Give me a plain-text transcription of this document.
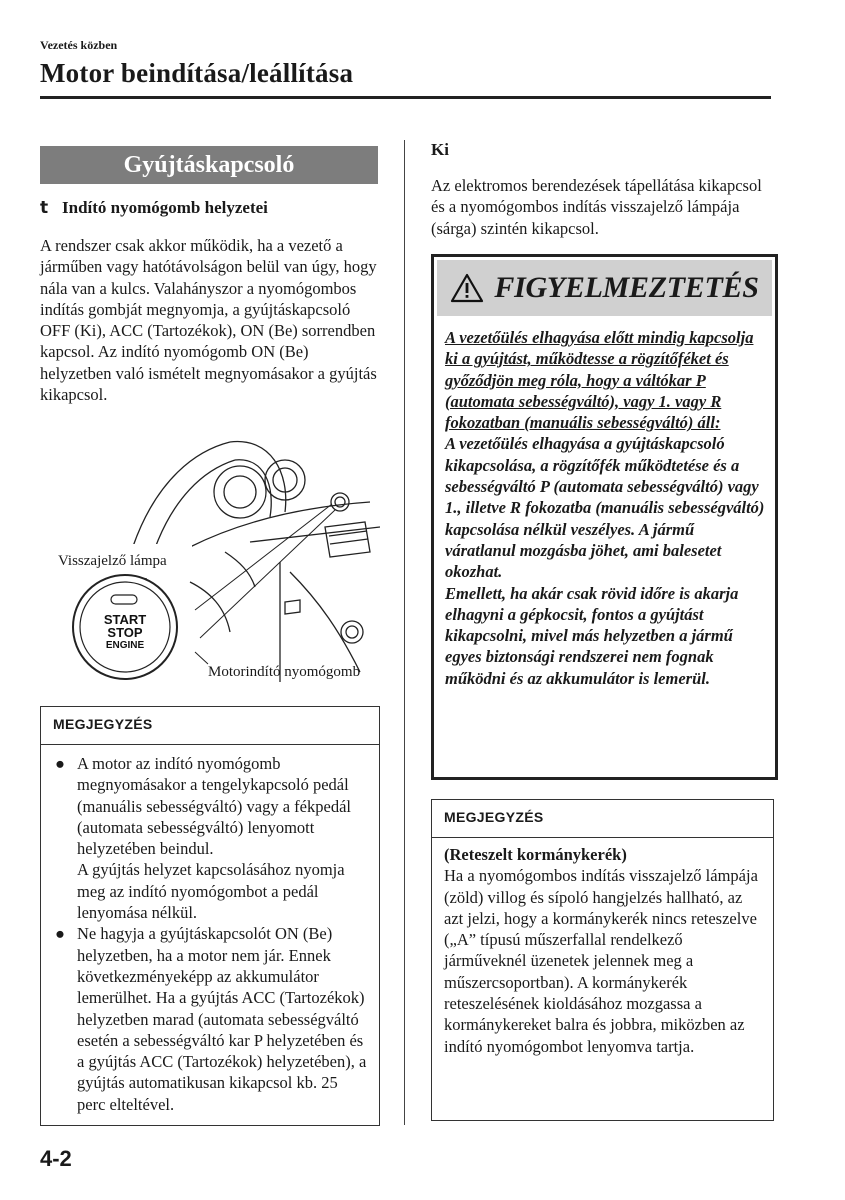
Vezetés közben
Motor beindítása/leállítása
Gyújtáskapcsoló
t Indító nyomógomb helyzetei
A rendszer csak akkor működik, ha a vezető a járműben vagy hatótávolságon belül van úgy, hogy nála van a kulcs. Valahányszor a nyomógombos indítás gombját megnyomja, a gyújtáskapcsoló OFF (Ki), ACC (Tartozékok), ON (Be) sorrendben kapcsol. Az indító nyomógomb ON (Be) helyzetben való ismételt megnyomásakor a gyújtás kikapcsol.
Visszajelző lámpa
START
STOP
ENGINE
Motorindító nyomógomb
MEGJEGYZÉS
● A motor az indító nyomógomb megnyomásakor a tengelykapcsoló pedál (manuális sebességváltó) vagy a fékpedál (automata sebességváltó) lenyomott helyzetében beindul.

A gyújtás helyzet kapcsolásához nyomja meg az indító nyomógombot a pedál lenyomása nélkül.

● Ne hagyja a gyújtáskapcsolót ON (Be) helyzetben, ha a motor nem jár. Ennek következményeképp az akkumulátor lemerülhet. Ha a gyújtás ACC (Tartozékok) helyzetben marad (automata sebességváltó esetén a sebességváltó kar P helyzetében és a gyújtás ACC (Tartozékok) helyzetében), a gyújtás automatikusan kikapcsol kb. 25 perc elteltével.

Ki
Az elektromos berendezések tápellátása kikapcsol és a nyomógombos indítás visszajelző lámpája (sárga) szintén kikapcsol.
FIGYELMEZTETÉS

A vezetőülés elhagyása előtt mindig kapcsolja ki a gyújtást, működtesse a rögzítőféket és győződjön meg róla, hogy a váltókar P (automata sebességváltó), vagy 1. vagy R fokozatban (manuális sebességváltó) áll:

A vezetőülés elhagyása a gyújtáskapcsoló kikapcsolása, a rögzítőfék működtetése és a sebességváltó P (automata sebességváltó) vagy 1., illetve R fokozatba (manuális sebességváltó) kapcsolása nélkül veszélyes. A jármű váratlanul mozgásba jöhet, ami balesetet okozhat.

Emellett, ha akár csak rövid időre is akarja elhagyni a gépkocsit, fontos a gyújtást kikapcsolni, mivel más helyzetben a jármű egyes biztonsági rendszerei nem fognak működni és az akkumulátor is lemerül.

MEGJEGYZÉS
(Reteszelt kormánykerék)
Ha a nyomógombos indítás visszajelző lámpája (zöld) villog és sípoló hangjelzés hallható, az azt jelzi, hogy a kormánykerék nincs reteszelve („A” típusú műszerfallal rendelkező járműveknél üzenetek jelennek meg a műszercsoportban). A kormánykerék reteszelésének kioldásához mozgassa a kormánykereket balra és jobbra, miközben az indító nyomógombot lenyomva tartja.
4-2
